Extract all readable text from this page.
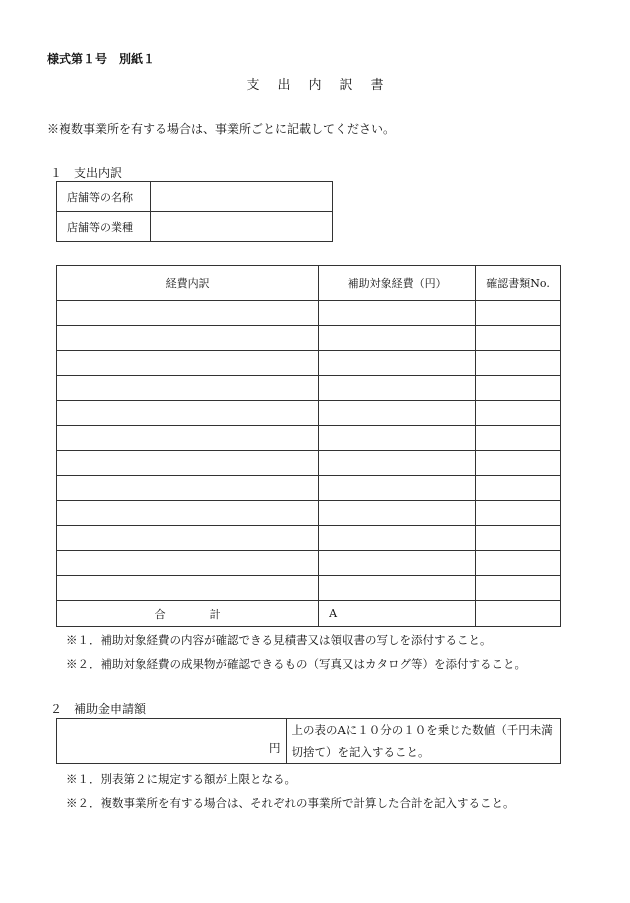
様式第１号　別紙１
支出内訳書
※複数事業所を有する場合は、事業所ごとに記載してください。
１　支出内訳
店舗等の名称	
店舗等の業種	
経費内訳	補助対象経費（円）	確認書類No.

合　　　　計	A	
※１．補助対象経費の内容が確認できる見積書又は領収書の写しを添付すること。
※２．補助対象経費の成果物が確認できるもの（写真又はカタログ等）を添付すること。
２　補助金申請額
円	上の表のAに１０分の１０を乗じた数値（千円未満切捨て）を記入すること。
※１．別表第２に規定する額が上限となる。
※２．複数事業所を有する場合は、それぞれの事業所で計算した合計を記入すること。
